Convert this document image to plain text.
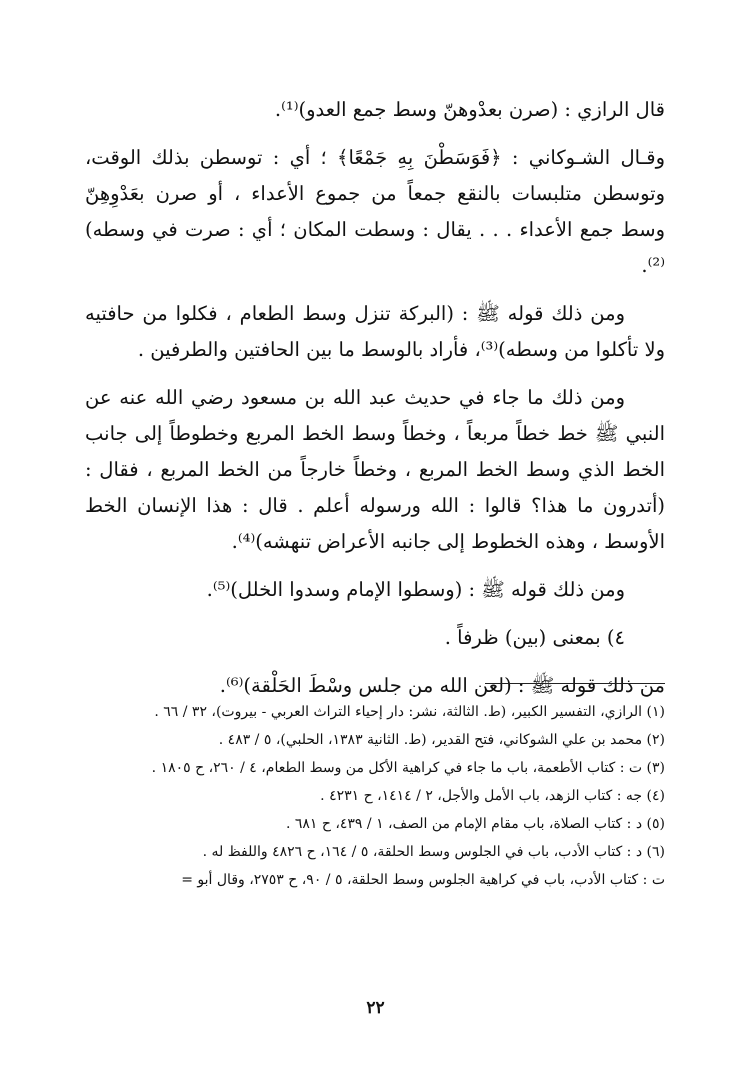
قال الرازي : (صرن بعدْوهنّ وسط جمع العدو)⁽¹⁾.

وقـال الشـوكاني : ﴿فَوَسَطْنَ بِهِ جَمْعًا﴾ ؛ أي : توسطن بذلك الوقت، وتوسطن متلبسات بالنقع جمعاً من جموع الأعداء ، أو صرن بعَدْوِهِنّ وسط جمع الأعداء . . . يقال : وسطت المكان ؛ أي : صرت في وسطه)⁽²⁾.

ومن ذلك قوله ﷺ : (البركة تنزل وسط الطعام ، فكلوا من حافتيه ولا تأكلوا من وسطه)⁽³⁾، فأراد بالوسط ما بين الحافتين والطرفين .

ومن ذلك ما جاء في حديث عبد الله بن مسعود رضي الله عنه عن النبي ﷺ خط خطاً مربعاً ، وخطاً وسط الخط المربع وخطوطاً إلى جانب الخط الذي وسط الخط المربع ، وخطاً خارجاً من الخط المربع ، فقال : (أتدرون ما هذا؟ قالوا : الله ورسوله أعلم . قال : هذا الإنسان الخط الأوسط ، وهذه الخطوط إلى جانبه الأعراض تنهشه)⁽⁴⁾.

ومن ذلك قوله ﷺ : (وسطوا الإمام وسدوا الخلل)⁽⁵⁾.

٤) بمعنى (بين) ظرفاً .

من ذلك قوله ﷺ : (لعن الله من جلس وسْطَ الحَلْقة)⁽⁶⁾.

(١) الرازي، التفسير الكبير، (ط. الثالثة، نشر: دار إحياء التراث العربي - بيروت)، ٣٢ / ٦٦ .

(٢) محمد بن علي الشوكاني، فتح القدير، (ط. الثانية ١٣٨٣، الحلبي)، ٥ / ٤٨٣ .

(٣) ت : كتاب الأطعمة، باب ما جاء في كراهية الأكل من وسط الطعام، ٤ / ٢٦٠، ح ١٨٠٥ .

(٤) جه : كتاب الزهد، باب الأمل والأجل، ٢ / ١٤١٤، ح ٤٢٣١ .

(٥) د : كتاب الصلاة، باب مقام الإمام من الصف، ١ / ٤٣٩، ح ٦٨١ .

(٦) د : كتاب الأدب، باب في الجلوس وسط الحلقة، ٥ / ١٦٤، ح ٤٨٢٦ واللفظ له .

ت : كتاب الأدب، باب في كراهية الجلوس وسط الحلقة، ٥ / ٩٠، ح ٢٧٥٣، وقال أبو =

٢٢
